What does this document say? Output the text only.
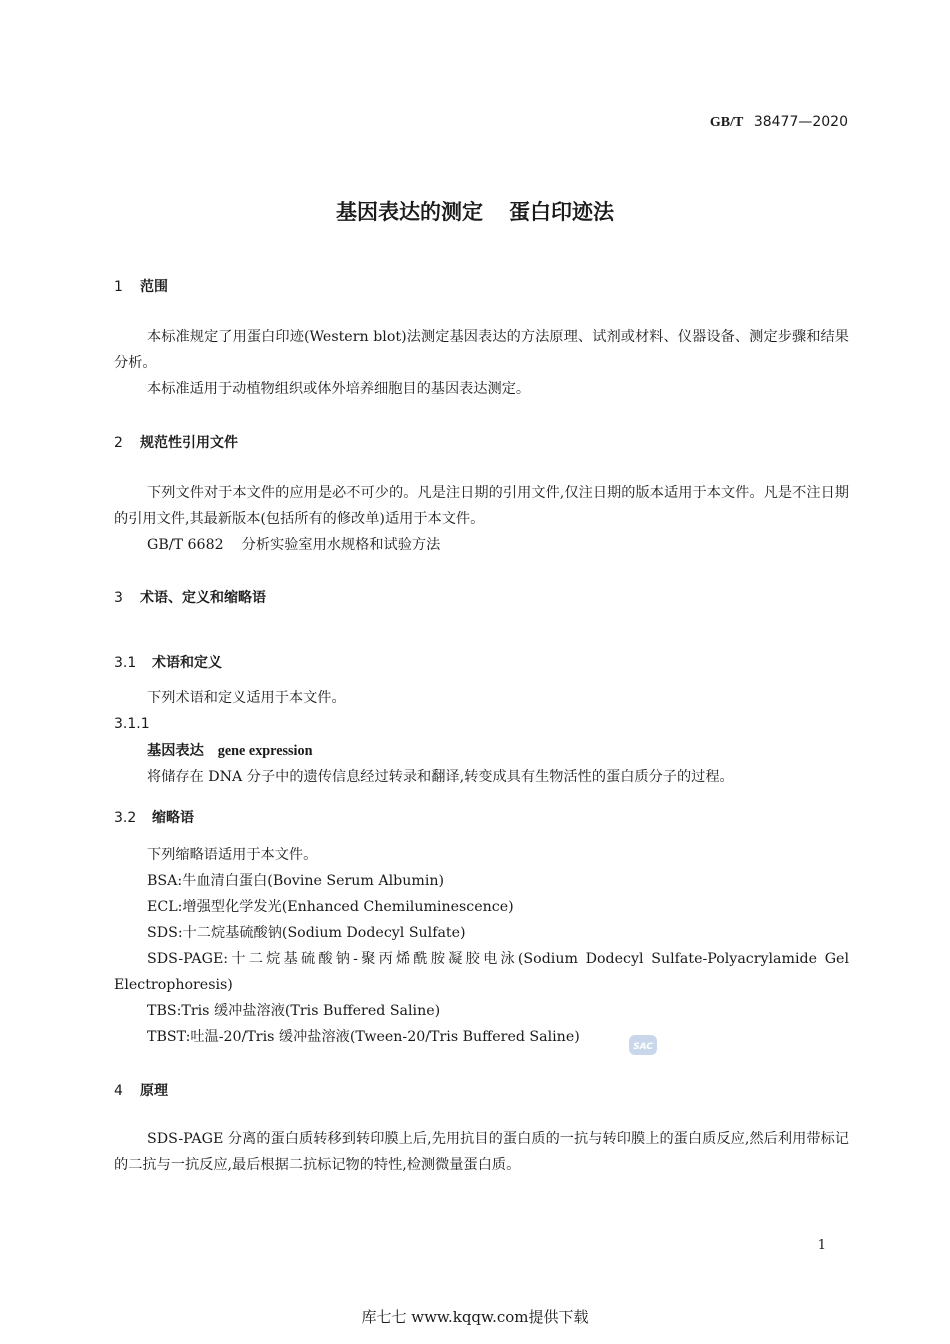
GB/T 38477—2020
基因表达的测定 蛋白印迹法
1 范围

本标准规定了用蛋白印迹(Western blot)法测定基因表达的方法原理、试剂或材料、仪器设备、测定步骤和结果分析。

本标准适用于动植物组织或体外培养细胞目的基因表达测定。

2 规范性引用文件

下列文件对于本文件的应用是必不可少的。凡是注日期的引用文件,仅注日期的版本适用于本文件。凡是不注日期的引用文件,其最新版本(包括所有的修改单)适用于本文件。

GB/T 6682 分析实验室用水规格和试验方法
3 术语、定义和缩略语
3.1 术语和定义

下列术语和定义适用于本文件。

3.1.1
基因表达 gene expression

将储存在 DNA 分子中的遗传信息经过转录和翻译,转变成具有生物活性的蛋白质分子的过程。

3.2 缩略语

下列缩略语适用于本文件。

BSA:牛血清白蛋白(Bovine Serum Albumin)

ECL:增强型化学发光(Enhanced Chemiluminescence)

SDS:十二烷基硫酸钠(Sodium Dodecyl Sulfate)

SDS-PAGE:十二烷基硫酸钠-聚丙烯酰胺凝胶电泳(Sodium Dodecyl Sulfate-Polyacrylamide Gel Electrophoresis)

TBS:Tris 缓冲盐溶液(Tris Buffered Saline)

TBST:吐温-20/Tris 缓冲盐溶液(Tween-20/Tris Buffered Saline)

SAC
4 原理

SDS-PAGE 分离的蛋白质转移到转印膜上后,先用抗目的蛋白质的一抗与转印膜上的蛋白质反应,然后利用带标记的二抗与一抗反应,最后根据二抗标记物的特性,检测微量蛋白质。

1
库七七 www.kqqw.com提供下载
